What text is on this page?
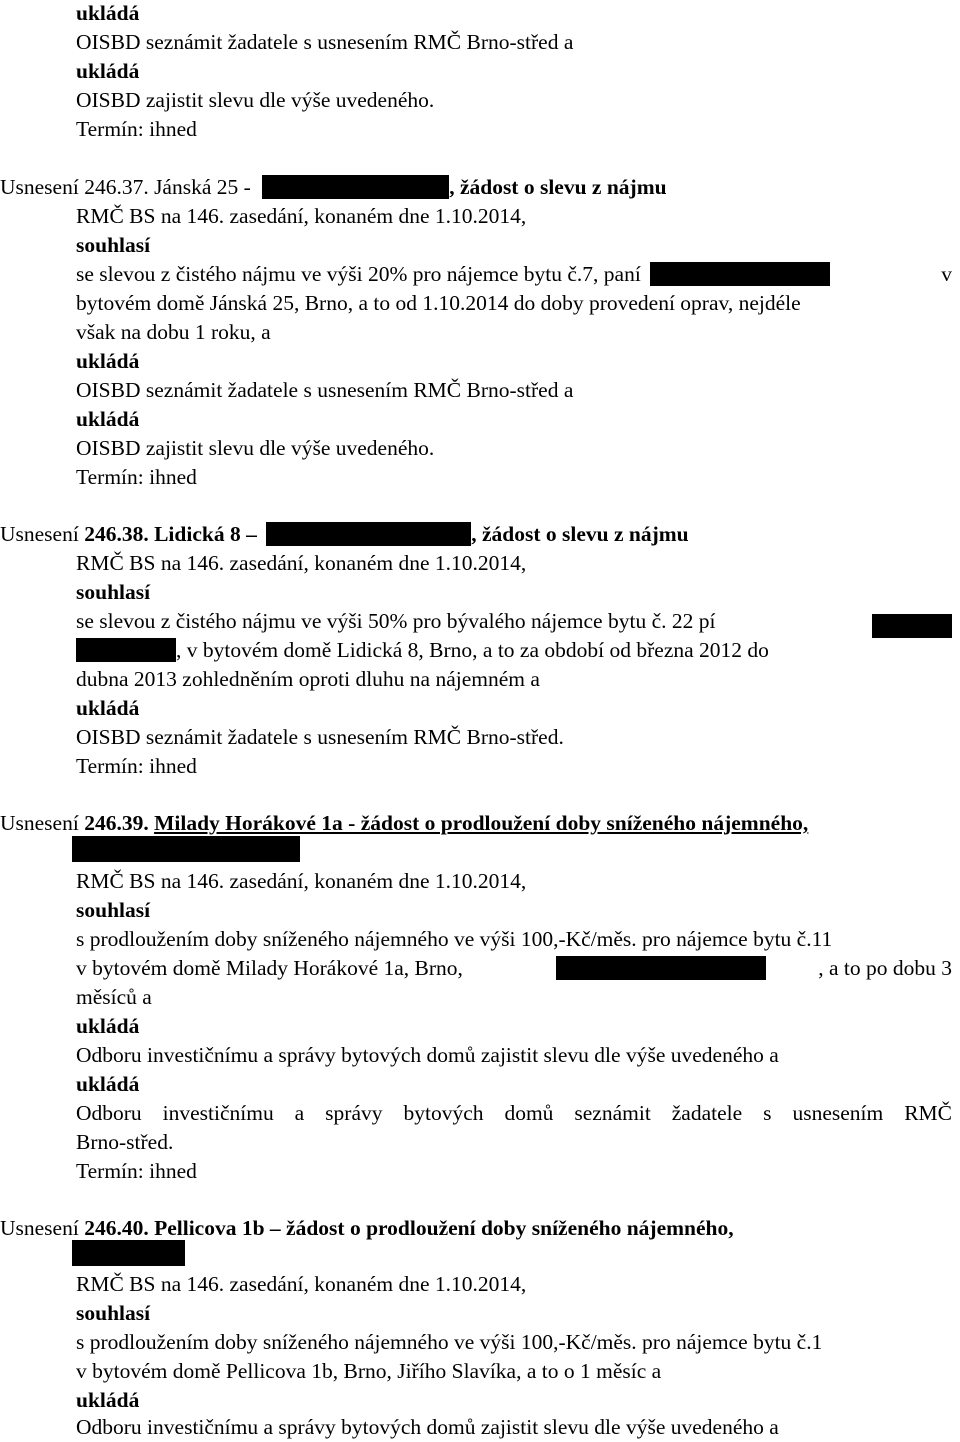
ukládá
OISBD seznámit žadatele s usnesením RMČ Brno-střed a
ukládá
OISBD zajistit slevu dle výše uvedeného.
Termín: ihned
Usnesení 246.37. Jánská 25 -	, žádost o slevu z nájmu
RMČ BS na 146. zasedání, konaném dne 1.10.2014,
souhlasí
se slevou z čistého nájmu ve výši 20% pro nájemce bytu č.7, paní	v
bytovém domě Jánská 25, Brno, a to od 1.10.2014 do doby provedení oprav, nejdéle
však na dobu 1 roku, a
ukládá
OISBD seznámit žadatele s usnesením RMČ Brno-střed a
ukládá
OISBD zajistit slevu dle výše uvedeného.
Termín: ihned
Usnesení 246.38. Lidická 8 –	, žádost o slevu z nájmu
RMČ BS na 146. zasedání, konaném dne 1.10.2014,
souhlasí
se slevou z čistého nájmu ve výši 50% pro bývalého nájemce bytu č. 22 pí
, v bytovém domě Lidická 8, Brno, a to za období od března 2012 do
dubna 2013 zohledněním oproti dluhu na nájemném a
ukládá
OISBD seznámit žadatele s usnesením RMČ Brno-střed.
Termín: ihned
Usnesení 246.39. Milady Horákové 1a - žádost o prodloužení doby sníženého nájemného,
RMČ BS na 146. zasedání, konaném dne 1.10.2014,
souhlasí
s prodloužením doby sníženého nájemného ve výši 100,-Kč/měs. pro nájemce bytu č.11
v bytovém domě Milady Horákové 1a, Brno,	, a to po dobu 3
měsíců a
ukládá
Odboru investičnímu a správy bytových domů zajistit slevu dle výše uvedeného a
ukládá
Odboru investičnímu a správy bytových domů seznámit žadatele s usnesením RMČ
Brno-střed.
Termín: ihned
Usnesení 246.40. Pellicova 1b – žádost o prodloužení doby sníženého nájemného,
RMČ BS na 146. zasedání, konaném dne 1.10.2014,
souhlasí
s prodloužením doby sníženého nájemného ve výši 100,-Kč/měs. pro nájemce bytu č.1
v bytovém domě Pellicova 1b, Brno, Jiřího Slavíka, a to o 1 měsíc a
ukládá
Odboru investičnímu a správy bytových domů zajistit slevu dle výše uvedeného a
